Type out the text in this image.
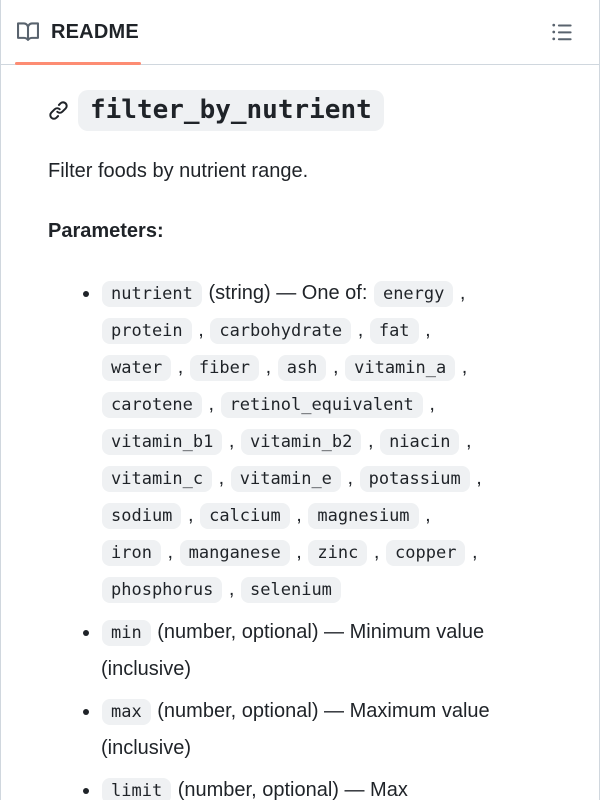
README
filter_by_nutrient

Filter foods by nutrient range.

Parameters:

• nutrient (string) — One of: energy , protein , carbohydrate , fat , water , fiber , ash , vitamin_a , carotene , retinol_equivalent , vitamin_b1 , vitamin_b2 , niacin , vitamin_c , vitamin_e , potassium , sodium , calcium , magnesium , iron , manganese , zinc , copper , phosphorus , selenium
• min (number, optional) — Minimum value (inclusive)
• max (number, optional) — Maximum value (inclusive)
• limit (number, optional) — Max
